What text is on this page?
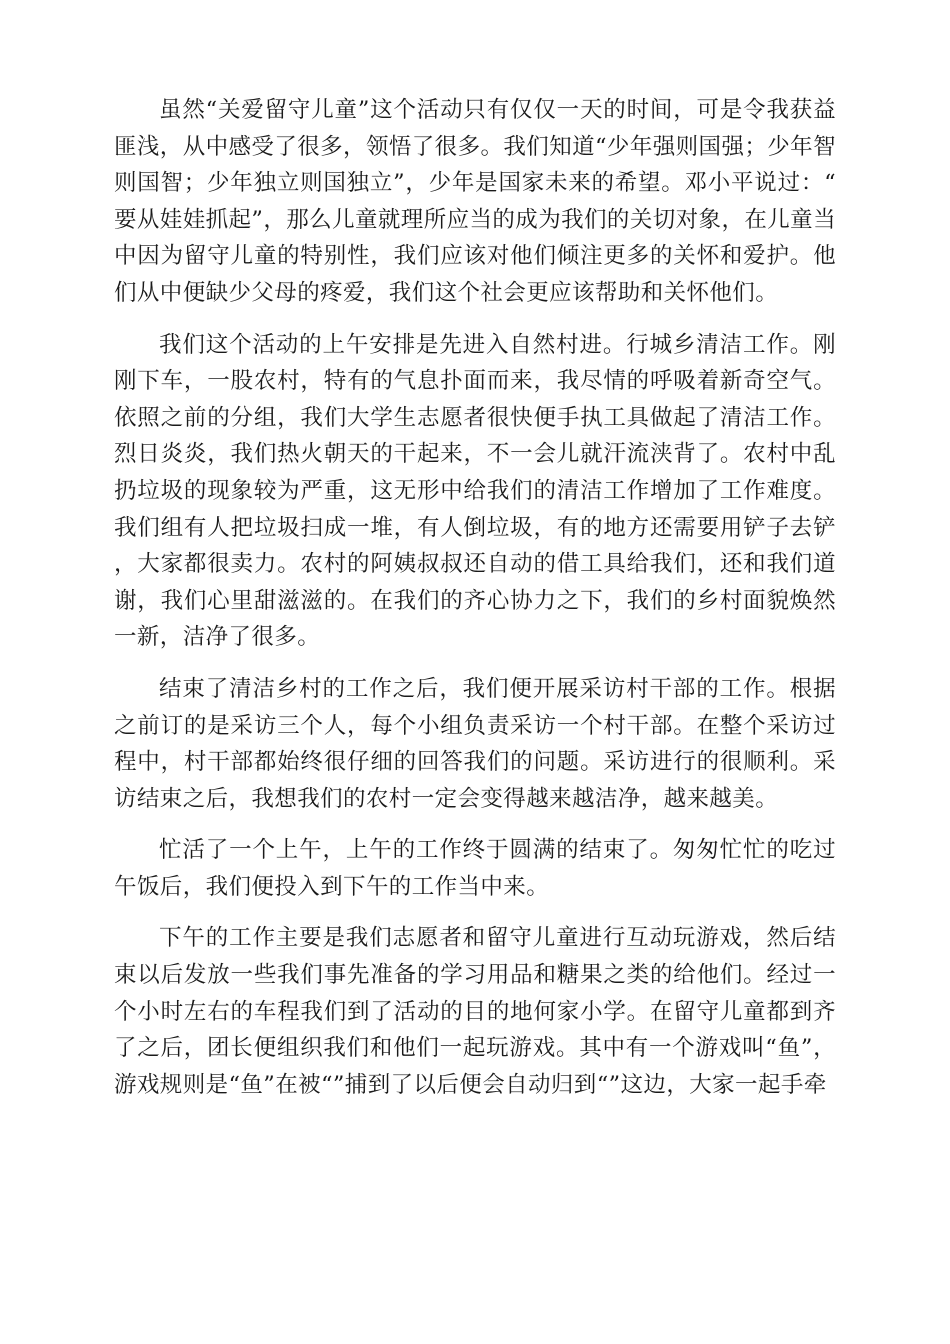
虽然“关爱留守儿童”这个活动只有仅仅一天的时间，可是令我获益匪浅，从中感受了很多，领悟了很多。我们知道“少年强则国强；少年智则国智；少年独立则国独立”，少年是国家未来的希望。邓小平说过：“要从娃娃抓起”，那么儿童就理所应当的成为我们的关切对象，在儿童当中因为留守儿童的特别性，我们应该对他们倾注更多的关怀和爱护。他们从中便缺少父母的疼爱，我们这个社会更应该帮助和关怀他们。

我们这个活动的上午安排是先进入自然村进。行城乡清洁工作。刚刚下车，一股农村，特有的气息扑面而来，我尽情的呼吸着新奇空气。依照之前的分组，我们大学生志愿者很快便手执工具做起了清洁工作。烈日炎炎，我们热火朝天的干起来，不一会儿就汗流浃背了。农村中乱扔垃圾的现象较为严重，这无形中给我们的清洁工作增加了工作难度。我们组有人把垃圾扫成一堆，有人倒垃圾，有的地方还需要用铲子去铲，大家都很卖力。农村的阿姨叔叔还自动的借工具给我们，还和我们道谢，我们心里甜滋滋的。在我们的齐心协力之下，我们的乡村面貌焕然一新，洁净了很多。

结束了清洁乡村的工作之后，我们便开展采访村干部的工作。根据之前订的是采访三个人，每个小组负责采访一个村干部。在整个采访过程中，村干部都始终很仔细的回答我们的问题。采访进行的很顺利。采访结束之后，我想我们的农村一定会变得越来越洁净，越来越美。

忙活了一个上午，上午的工作终于圆满的结束了。匆匆忙忙的吃过午饭后，我们便投入到下午的工作当中来。

下午的工作主要是我们志愿者和留守儿童进行互动玩游戏，然后结束以后发放一些我们事先准备的学习用品和糖果之类的给他们。经过一个小时左右的车程我们到了活动的目的地何家小学。在留守儿童都到齐了之后，团长便组织我们和他们一起玩游戏。其中有一个游戏叫“鱼”，游戏规则是“鱼”在被“”捕到了以后便会自动归到“”这边，大家一起手牵
